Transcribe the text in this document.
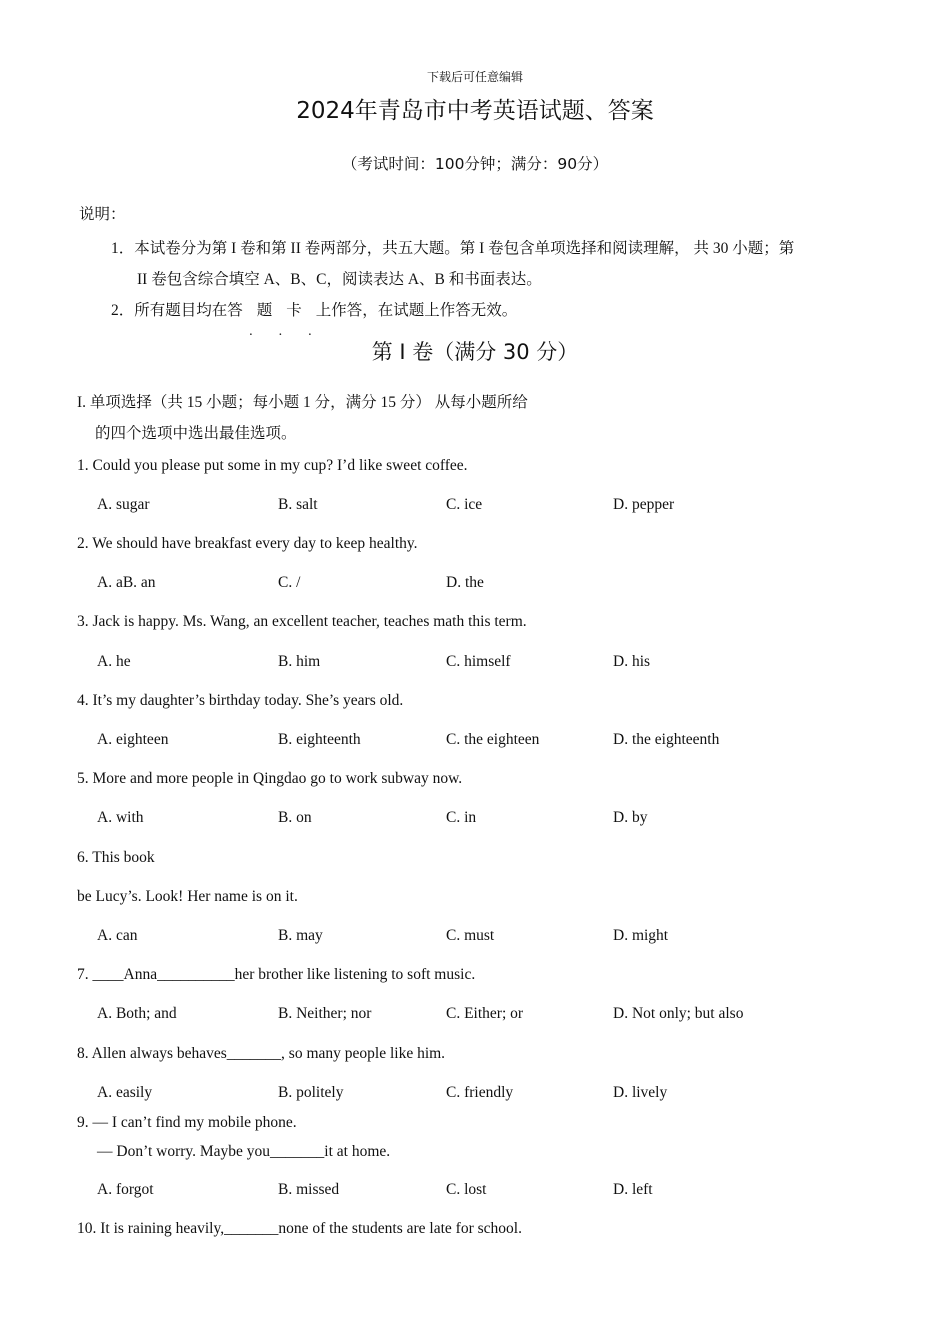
下载后可任意编辑
2024年青岛市中考英语试题、答案
（考试时间：100分钟；满分：90分）
说明：
1．本试卷分为第 I 卷和第 II 卷两部分，共五大题。第 I 卷包含单项选择和阅读理解， 共 30 小题；第
II 卷包含综合填空 A、B、C，阅读表达 A、B 和书面表达。
2．所有题目均在答 题 卡 上作答，在试题上作答无效。
第 I 卷（满分 30 分）
I. 单项选择（共 15 小题；每小题 1 分，满分 15 分） 从每小题所给
的四个选项中选出最佳选项。
1. Could you please put some in my cup? I’d like sweet coffee.
A. sugar	B. salt	C. ice	D. pepper
2. We should have breakfast every day to keep healthy.
A. aB. an	C. /	D. the
3. Jack is happy. Ms. Wang, an excellent teacher, teaches math this term.
A. he	B. him	C. himself	D. his
4. It’s my daughter’s birthday today. She’s years old.
A. eighteen	B. eighteenth	C. the eighteen	D. the eighteenth
5. More and more people in Qingdao go to work subway now.
A. with	B. on	C. in	D. by
6. This book
be Lucy’s. Look! Her name is on it.
A. can	B. may	C. must	D. might
7. ____Anna__________her brother like listening to soft music.
A. Both; and	B. Neither; nor	C. Either; or	D. Not only; but also
8. Allen always behaves_______, so many people like him.
A. easily	B. politely	C. friendly	D. lively
9. — I can’t find my mobile phone.
— Don’t worry. Maybe you_______it at home.
A. forgot	B. missed	C. lost	D. left
10. It is raining heavily,_______none of the students are late for school.
